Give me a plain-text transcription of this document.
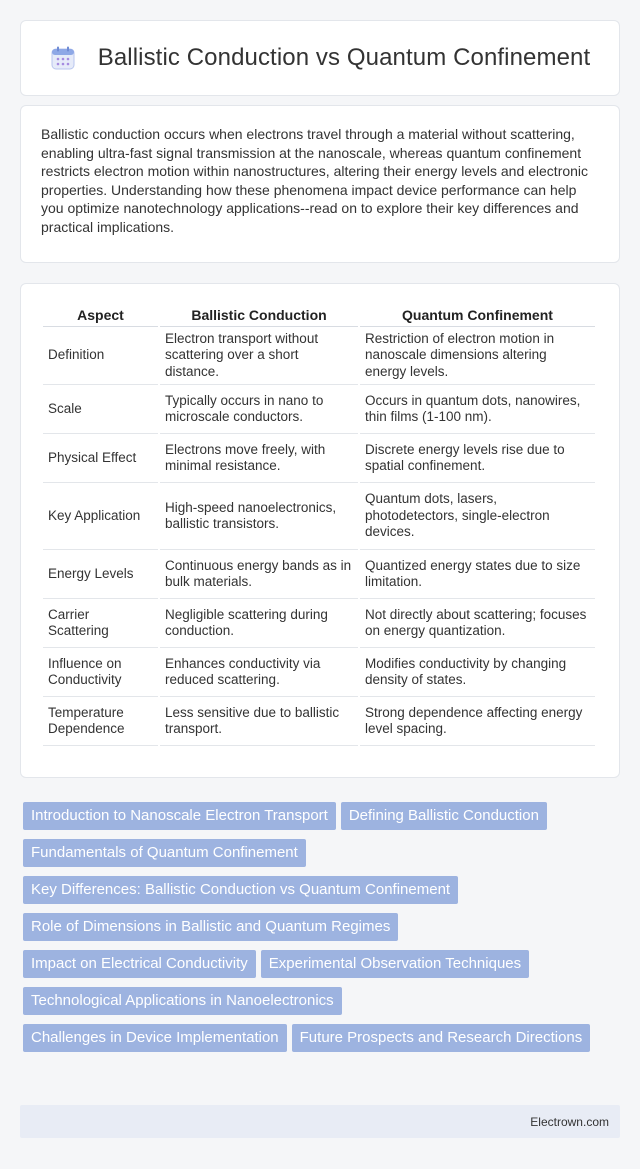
Ballistic Conduction vs Quantum Confinement

Ballistic conduction occurs when electrons travel through a material without scattering, enabling ultra-fast signal transmission at the nanoscale, whereas quantum confinement restricts electron motion within nanostructures, altering their energy levels and electronic properties. Understanding how these phenomena impact device performance can help you optimize nanotechnology applications--read on to explore their key differences and practical implications.

Aspect	Ballistic Conduction	Quantum Confinement
Definition	Electron transport without scattering over a short distance.	Restriction of electron motion in nanoscale dimensions altering energy levels.
Scale	Typically occurs in nano to microscale conductors.	Occurs in quantum dots, nanowires, thin films (1-100 nm).
Physical Effect	Electrons move freely, with minimal resistance.	Discrete energy levels rise due to spatial confinement.
Key Application	High-speed nanoelectronics, ballistic transistors.	Quantum dots, lasers, photodetectors, single-electron devices.
Energy Levels	Continuous energy bands as in bulk materials.	Quantized energy states due to size limitation.
Carrier Scattering	Negligible scattering during conduction.	Not directly about scattering; focuses on energy quantization.
Influence on Conductivity	Enhances conductivity via reduced scattering.	Modifies conductivity by changing density of states.
Temperature Dependence	Less sensitive due to ballistic transport.	Strong dependence affecting energy level spacing.
Introduction to Nanoscale Electron Transport Defining Ballistic ConductionFundamentals of Quantum ConfinementKey Differences: Ballistic Conduction vs Quantum ConfinementRole of Dimensions in Ballistic and Quantum RegimesImpact on Electrical Conductivity Experimental Observation TechniquesTechnological Applications in NanoelectronicsChallenges in Device Implementation Future Prospects and Research Directions
Electrown.com
